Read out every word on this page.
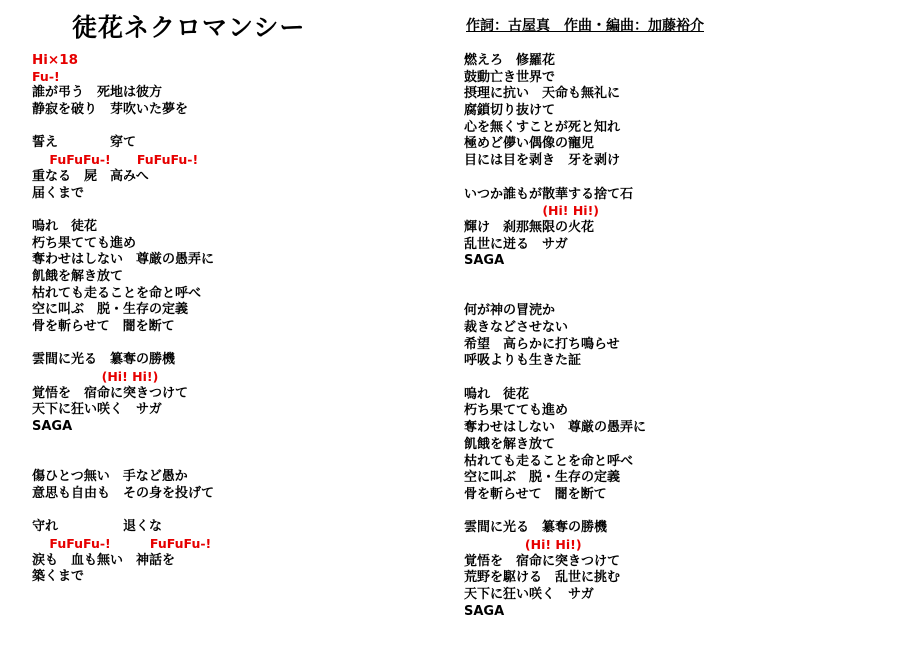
徒花ネクロマンシー	作詞：古屋真　作曲・編曲：加藤裕介
Hi×18
Fu-!
誰が弔う　死地は彼方
静寂を破り　芽吹いた夢を
誓え　　　　穿て
FuFuFu-!      FuFuFu-!
重なる　屍　高みへ
届くまで
嗚れ　徒花
朽ち果てても進め
奪わせはしない　尊厳の愚弄に
飢餓を解き放て
枯れても走ることを命と呼べ
空に叫ぶ　脱・生存の定義
骨を斬らせて　闇を断て
雲間に光る　簒奪の勝機
(Hi! Hi!)
覚悟を　宿命に突きつけて
天下に狂い咲く　サガ
SAGA
傷ひとつ無い　手など愚か
意思も自由も　その身を投げて
守れ　　　　　退くな
FuFuFu-!         FuFuFu-!
涙も　血も無い　神話を
築くまで
燃えろ　修羅花
鼓動亡き世界で
摂理に抗い　天命も無礼に
腐鎖切り抜けて
心を無くすことが死と知れ
極めど儚い偶像の寵児
目には目を剥き　牙を剥け
いつか誰もが散華する捨て石
(Hi! Hi!)
輝け　刹那無限の火花
乱世に迸る　サガ
SAGA
何が神の冒涜か
裁きなどさせない
希望　高らかに打ち鳴らせ
呼吸よりも生きた証
嗚れ　徒花
朽ち果てても進め
奪わせはしない　尊厳の愚弄に
飢餓を解き放て
枯れても走ることを命と呼べ
空に叫ぶ　脱・生存の定義
骨を斬らせて　闇を断て
雲間に光る　簒奪の勝機
(Hi! Hi!)
覚悟を　宿命に突きつけて
荒野を駆ける　乱世に挑む
天下に狂い咲く　サガ
SAGA
